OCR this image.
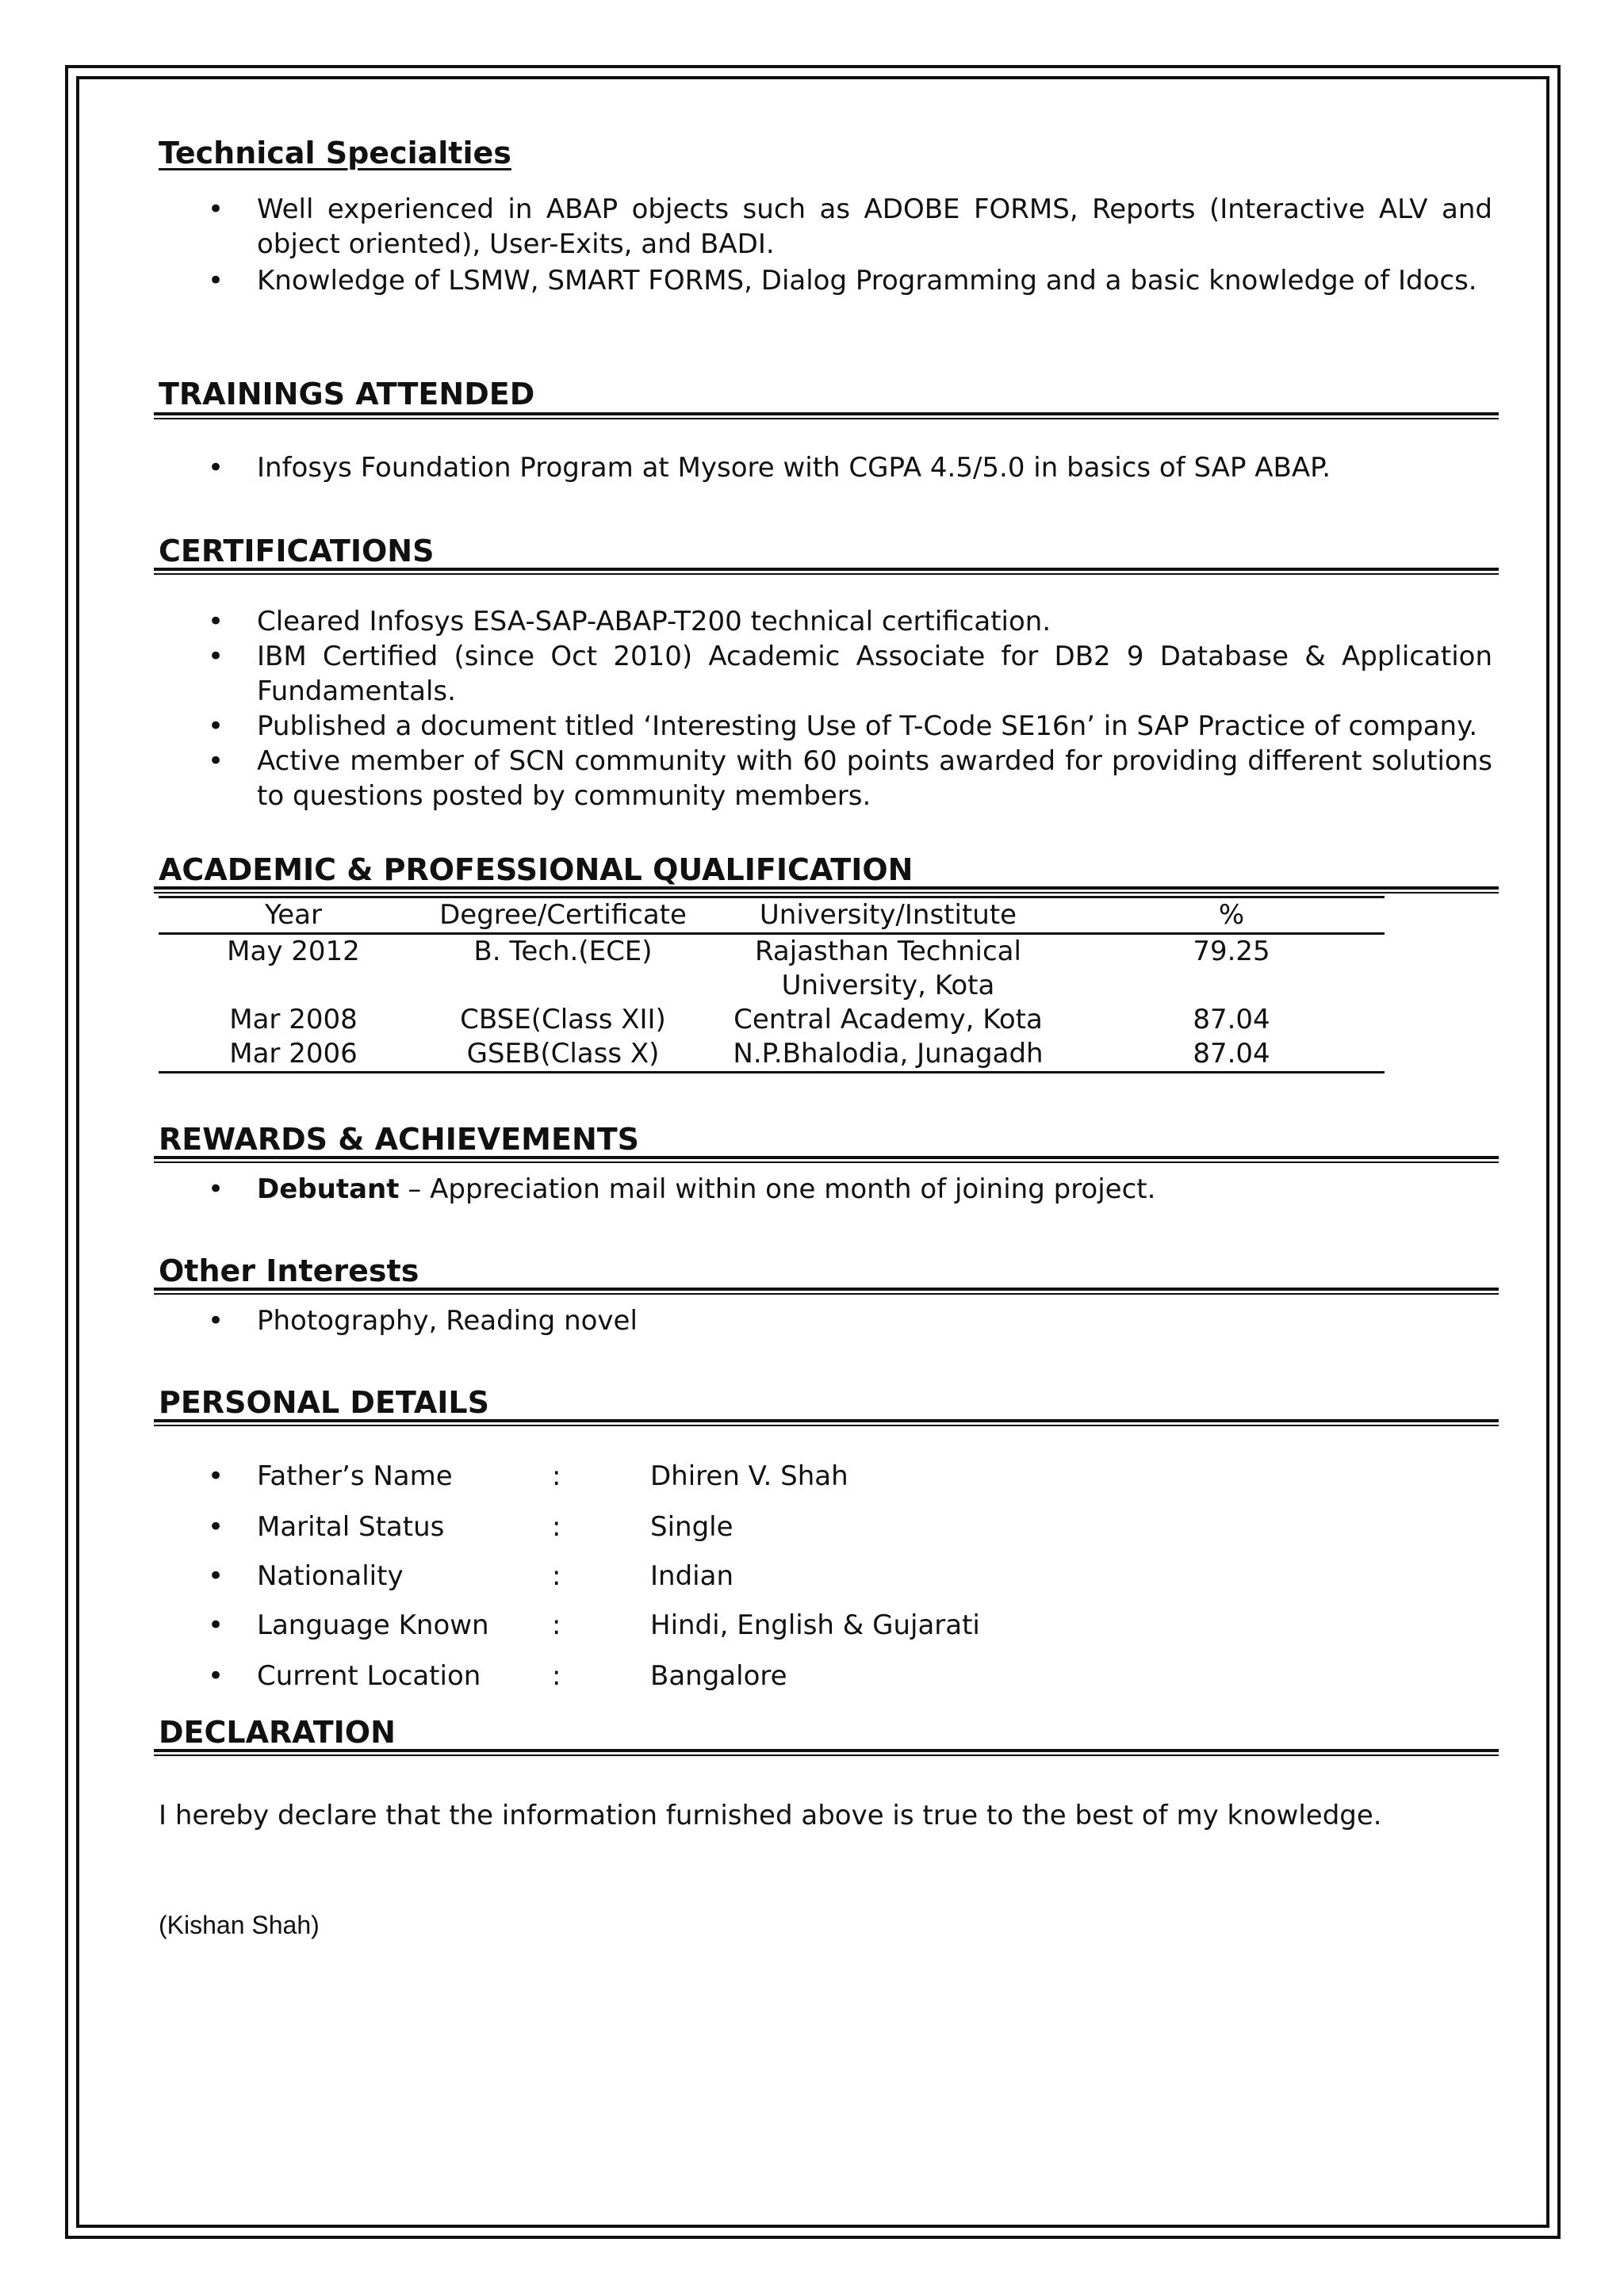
Technical Specialties
• Well experienced in ABAP objects such as ADOBE FORMS, Reports (Interactive ALV and object oriented), User-Exits, and BADI.
• Knowledge of LSMW, SMART FORMS, Dialog Programming and a basic knowledge of Idocs.
TRAININGS ATTENDED
• Infosys Foundation Program at Mysore with CGPA 4.5/5.0 in basics of SAP ABAP.
CERTIFICATIONS
• Cleared Infosys ESA-SAP-ABAP-T200 technical certification.
• IBM Certified (since Oct 2010) Academic Associate for DB2 9 Database & Application Fundamentals.
• Published a document titled ‘Interesting Use of T-Code SE16n’ in SAP Practice of company.
• Active member of SCN community with 60 points awarded for providing different solutions to questions posted by community members.
ACADEMIC & PROFESSIONAL QUALIFICATION
Year	Degree/Certificate	University/Institute	%
May 2012	B. Tech.(ECE)	Rajasthan Technical University, Kota	79.25
Mar 2008	CBSE(Class XII)	Central Academy, Kota	87.04
Mar 2006	GSEB(Class X)	N.P.Bhalodia, Junagadh	87.04
REWARDS & ACHIEVEMENTS
• Debutant – Appreciation mail within one month of joining project.
Other Interests
• Photography, Reading novel
PERSONAL DETAILS
• Father’s Name	:	Dhiren V. Shah
• Marital Status	:	Single
• Nationality	:	Indian
• Language Known :	Hindi, English & Gujarati
• Current Location	:	Bangalore
DECLARATION

I hereby declare that the information furnished above is true to the best of my knowledge.

(Kishan Shah)
